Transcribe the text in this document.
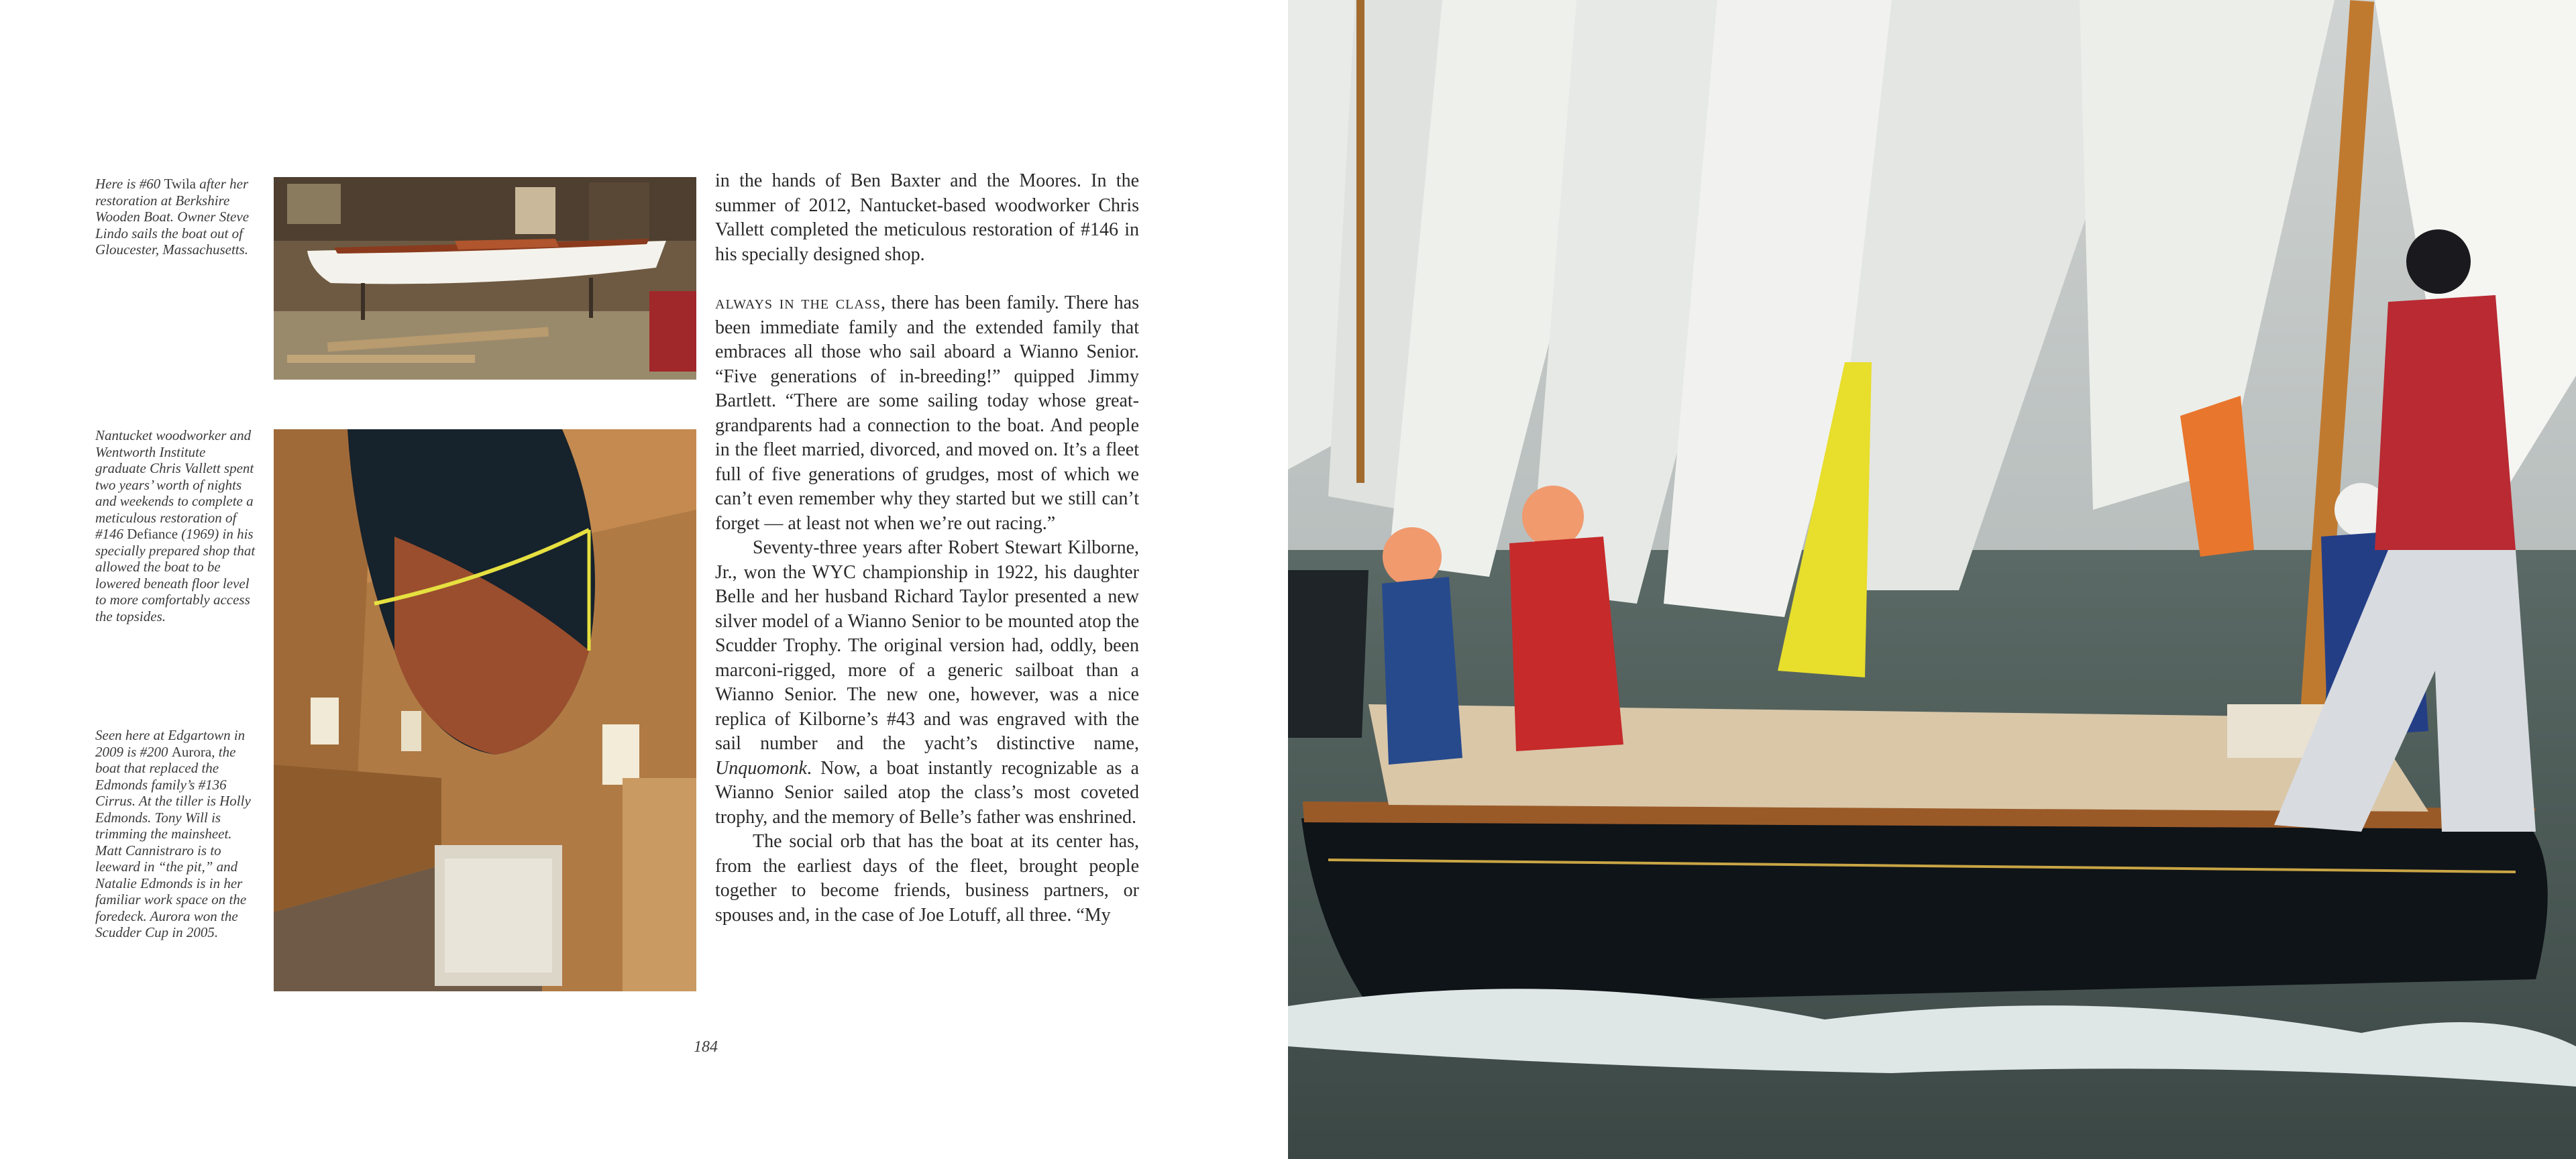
Here is #60 Twila after her restoration at Berkshire Wooden Boat. Owner Steve Lindo sails the boat out of Gloucester, Massachusetts.

Nantucket woodworker and Wentworth Institute graduate Chris Vallett spent two years’ worth of nights and weekends to complete a meticulous restoration of #146 Defiance (1969) in his specially prepared shop that allowed the boat to be lowered beneath floor level to more comfortably access the topsides.

Seen here at Edgartown in 2009 is #200 Aurora, the boat that replaced the Edmonds family’s #136 Cirrus. At the tiller is Holly Edmonds. Tony Will is trimming the mainsheet. Matt Cannistraro is to leeward in “the pit,” and Natalie Edmonds is in her familiar work space on the foredeck. Aurora won the Scudder Cup in 2005.

in the hands of Ben Baxter and the Moores. In the summer of 2012, Nantucket-based woodworker Chris Vallett completed the meticulous restoration of #146 in his specially designed shop.

always in the class, there has been family. There has been immediate family and the extended family that embraces all those who sail aboard a Wianno Senior. “Five generations of in-breeding!” quipped Jimmy Bartlett. “There are some sailing today whose great-grandparents had a connection to the boat. And people in the fleet married, divorced, and moved on. It’s a fleet full of five generations of grudges, most of which we can’t even remember why they started but we still can’t forget — at least not when we’re out racing.”

Seventy-three years after Robert Stewart Kilborne, Jr., won the WYC championship in 1922, his daughter Belle and her husband Richard Taylor presented a new silver model of a Wianno Senior to be mounted atop the Scudder Trophy. The original version had, oddly, been marconi-rigged, more of a generic sailboat than a Wianno Senior. The new one, however, was a nice replica of Kilborne’s #43 and was engraved with the sail number and the yacht’s distinctive name, Unquomonk. Now, a boat instantly recognizable as a Wianno Senior sailed atop the class’s most coveted trophy, and the memory of Belle’s father was enshrined.

The social orb that has the boat at its center has, from the earliest days of the fleet, brought people together to become friends, business partners, or spouses and, in the case of Joe Lotuff, all three. “My

184
